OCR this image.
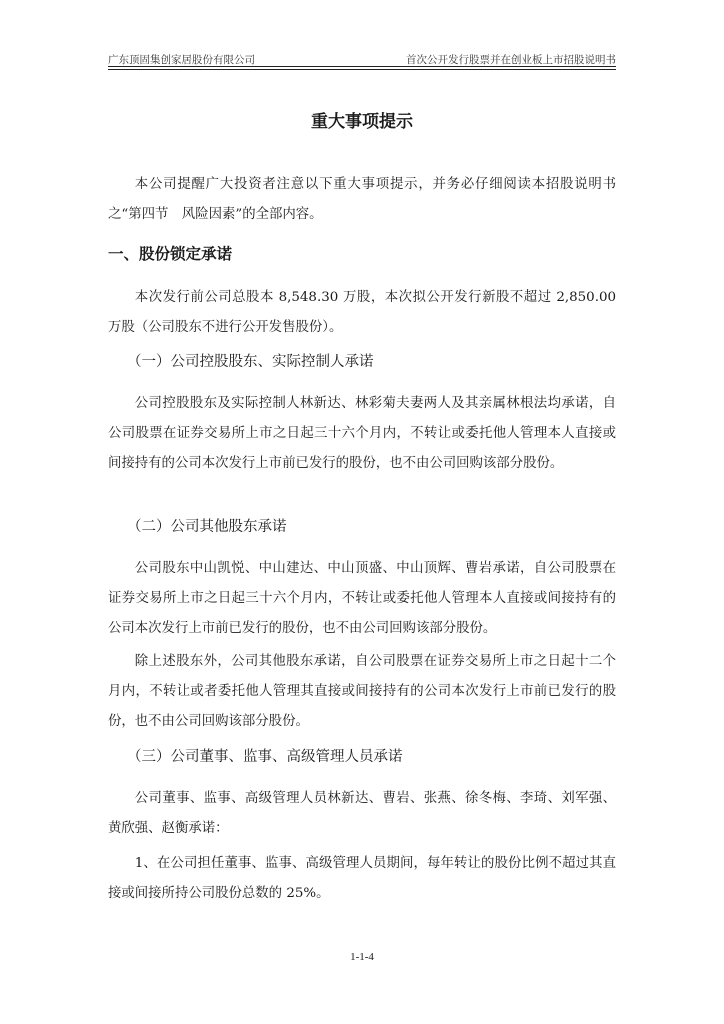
广东顶固集创家居股份有限公司	首次公开发行股票并在创业板上市招股说明书
重大事项提示
本公司提醒广大投资者注意以下重大事项提示，并务必仔细阅读本招股说明书之“第四节　风险因素”的全部内容。
一、股份锁定承诺
本次发行前公司总股本 8,548.30 万股，本次拟公开发行新股不超过 2,850.00 万股（公司股东不进行公开发售股份）。
（一）公司控股股东、实际控制人承诺
公司控股股东及实际控制人林新达、林彩菊夫妻两人及其亲属林根法均承诺，自公司股票在证券交易所上市之日起三十六个月内，不转让或委托他人管理本人直接或间接持有的公司本次发行上市前已发行的股份，也不由公司回购该部分股份。
（二）公司其他股东承诺
公司股东中山凯悦、中山建达、中山顶盛、中山顶辉、曹岩承诺，自公司股票在证券交易所上市之日起三十六个月内，不转让或委托他人管理本人直接或间接持有的公司本次发行上市前已发行的股份，也不由公司回购该部分股份。
除上述股东外，公司其他股东承诺，自公司股票在证券交易所上市之日起十二个月内，不转让或者委托他人管理其直接或间接持有的公司本次发行上市前已发行的股份，也不由公司回购该部分股份。
（三）公司董事、监事、高级管理人员承诺
公司董事、监事、高级管理人员林新达、曹岩、张燕、徐冬梅、李琦、刘军强、黄欣强、赵衡承诺：
1、在公司担任董事、监事、高级管理人员期间，每年转让的股份比例不超过其直接或间接所持公司股份总数的 25%。
1-1-4
